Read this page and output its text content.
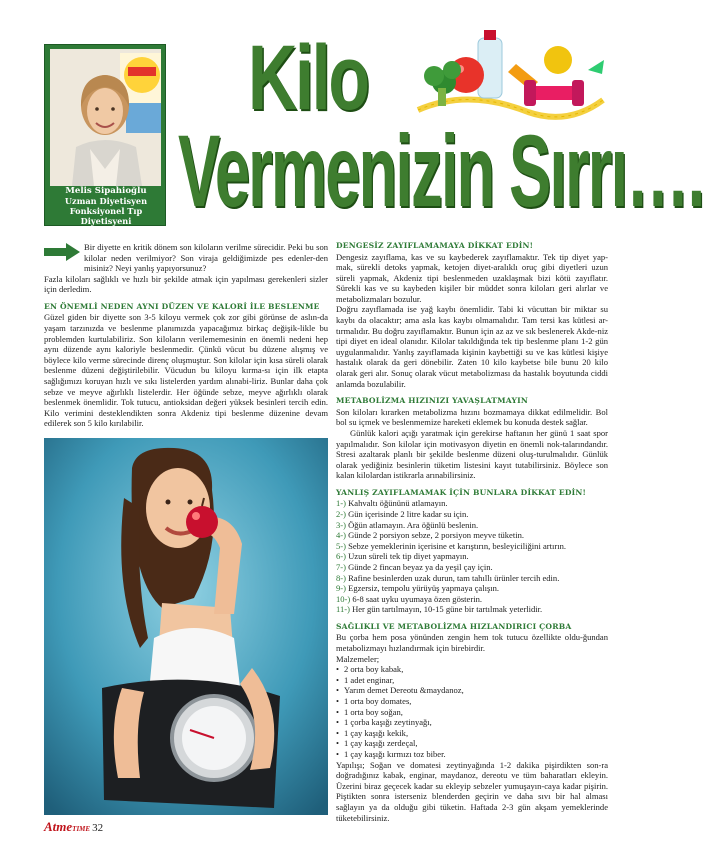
Melis Sipahioğlu
Uzman Diyetisyen
Fonksiyonel Tıp Diyetisyeni
dyt.melissipahioglu@gmail.com
Kilo
Vermenizin Sırrı….

Bir diyette en kritik dönem son kiloların verilme sürecidir. Peki bu son kilolar neden verilmiyor? Son viraja geldiğimizde pes edenler-den misiniz? Neyi yanlış yapıyorsunuz?

Fazla kiloları sağlıklı ve hızlı bir şekilde atmak için yapılması gerekenleri sizler için derledim.

EN ÖNEMLİ NEDEN AYNI DÜZEN VE KALORİ İLE BESLENME

Güzel giden bir diyette son 3-5 kiloyu vermek çok zor gibi görünse de aslın-da yaşam tarzınızda ve beslenme planımızda yapacağımız birkaç değişik-likle bu problemden kurtulabiliriz. Son kiloların verilememesinin en önemli nedeni hep aynı düzende aynı kaloriyle beslenmedir. Çünkü vücut bu düzene alışmış ve böylece kilo verme sürecinde direnç oluşmuştur. Son kilolar için kısa süreli olarak beslenme düzeni değiştirilebilir. Vücudun bu kiloyu kırma-sı için ilk etapta sağlığımızı koruyan hızlı ve sıkı listelerden yardım alınabi-liriz. Bunlar daha çok sebze ve meyve ağırlıklı listelerdir. Her öğünde sebze, meyve ağırlıklı olarak beslenmek önemlidir. Tok tutucu, antioksidan değeri yüksek besinleri tercih edin. Kilo verimini desteklendikten sonra Akdeniz tipi beslenme düzenine devam edilerek son 5 kilo kırılabilir.

DENGESİZ ZAYIFLAMAMAYA DİKKAT EDİN!

Dengesiz zayıflama, kas ve su kaybederek zayıflamaktır. Tek tip diyet yap-mak, sürekli detoks yapmak, ketojen diyet-aralıklı oruç gibi diyetleri uzun süreli yapmak, Akdeniz tipi beslenmeden uzaklaşmak bizi kötü zayıflatır. Sürekli kas ve su kaybeden kişiler bir müddet sonra kiloları geri alırlar ve metabolizmaları bozulur.

Doğru zayıflamada ise yağ kaybı önemlidir. Tabi ki vücuttan bir miktar su kaybı da olacaktır; ama asla kas kaybı olmamalıdır. Tam tersi kas kütlesi ar-tırmalıdır. Bu doğru zayıflamaktır. Bunun için az az ve sık beslenerek Akde-niz tipi diyet en ideal olanıdır. Kilolar takıldığında tek tip beslenme planı 1-2 gün uygulanmalıdır. Yanlış zayıflamada kişinin kaybettiği su ve kas kütlesi kişiye hastalık olarak da geri dönebilir. Zaten 10 kilo kaybetse bile bunu 20 kilo olarak geri alır. Sonuç olarak vücut metabolizması da hastalık boyutunda ciddi anlamda bozulabilir.

METABOLİZMA HIZINIZI YAVAŞLATMAYIN

Son kiloları kırarken metabolizma hızını bozmamaya dikkat edilmelidir. Bol bol su içmek ve beslenmemize hareketi eklemek bu konuda destek sağlar.

Günlük kalori açığı yaratmak için gerekirse haftanın her günü 1 saat spor yapılmalıdır. Son kilolar için motivasyon diyetin en önemli nok-talarındandır. Stresi azaltarak planlı bir şekilde beslenme düzeni oluş-turulmalıdır. Günlük olarak yediğiniz besinlerin tüketim listesini kayıt tutabilirsiniz. Böylece son kalan kilolardan istikrarla arınabilirsiniz.

YANLIŞ ZAYIFLAMAMAK İÇİN BUNLARA DİKKAT EDİN!

1-) Kahvaltı öğününü atlamayın.
2-) Gün içerisinde 2 litre kadar su için.
3-) Öğün atlamayın. Ara öğünlü beslenin.
4-) Günde 2 porsiyon sebze, 2 porsiyon meyve tüketin.
5-) Sebze yemeklerinin içerisine et karıştırın, besleyiciliğini artırın.
6-) Uzun süreli tek tip diyet yapmayın.
7-) Günde 2 fincan beyaz ya da yeşil çay için.
8-) Rafine besinlerden uzak durun, tam tahıllı ürünler tercih edin.
9-) Egzersiz, tempolu yürüyüş yapmaya çalışın.
10-) 6-8 saat uyku uyumaya özen gösterin.
11-) Her gün tartılmayın, 10-15 güne bir tartılmak yeterlidir.

SAĞLIKLI VE METABOLİZMA HIZLANDIRICI ÇORBA

Bu çorba hem posa yönünden zengin hem tok tutucu özellikte oldu-ğundan metabolizmayı hızlandırmak için birebirdir.

Malzemeler;

• 2 orta boy kabak,
• 1 adet enginar,
• Yarım demet Dereotu &maydanoz,
• 1 orta boy domates,
• 1 orta boy soğan,
• 1 çorba kaşığı zeytinyağı,
• 1 çay kaşığı kekik,
• 1 çay kaşığı zerdeçal,
• 1 çay kaşığı kırmızı toz biber.

Yapılışı; Soğan ve domatesi zeytinyağında 1-2 dakika pişirdikten son-ra doğradığınız kabak, enginar, maydanoz, dereotu ve tüm baharatları ekleyin. Üzerini biraz geçecek kadar su ekleyip sebzeler yumuşayın-caya kadar pişirin. Piştikten sonra isterseniz blenderden geçirin ve daha sıvı bir hal alması sağlayın ya da olduğu gibi tüketin. Haftada 2-3 gün akşam yemeklerinde tüketebilirsiniz.

AtmeTIME 32
